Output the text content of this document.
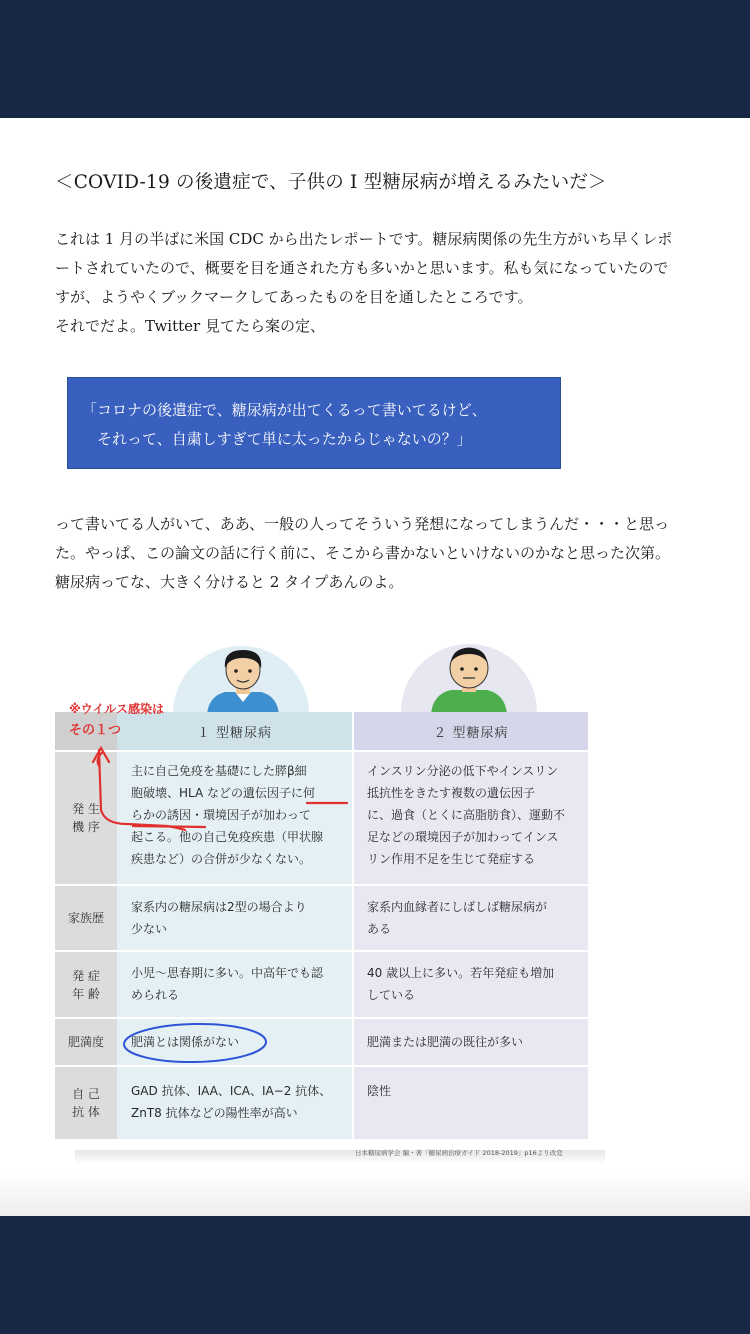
＜COVID-19 の後遺症で、子供の I 型糖尿病が増えるみたいだ＞

これは 1 月の半ばに米国 CDC から出たレポートです。糖尿病関係の先生方がいち早くレポ

ートされていたので、概要を目を通された方も多いかと思います。私も気になっていたので

すが、ようやくブックマークしてあったものを目を通したところです。

それでだよ。Twitter 見てたら案の定、

「コロナの後遺症で、糖尿病が出てくるって書いてるけど、

　それって、自粛しすぎて単に太ったからじゃないの？」

って書いてる人がいて、ああ、一般の人ってそういう発想になってしまうんだ・・・と思っ

た。やっぱ、この論文の話に行く前に、そこから書かないといけないのかなと思った次第。

糖尿病ってな、大きく分けると 2 タイプあんのよ。

１ 型糖尿病	２ 型糖尿病
発 生
機 序

主に自己免疫を基礎にした膵β細

胞破壊、HLA などの遺伝因子に何

らかの誘因・環境因子が加わって

起こる。他の自己免疫疾患（甲状腺

疾患など）の合併が少なくない。

インスリン分泌の低下やインスリン

抵抗性をきたす複数の遺伝因子

に、過食（とくに高脂肪食）、運動不

足などの環境因子が加わってインス

リン作用不足を生じて発症する

家族歴

家系内の糖尿病は2型の場合より

少ない

家系内血縁者にしばしば糖尿病が

ある

発 症
年 齢

小児～思春期に多い。中高年でも認

められる

40 歳以上に多い。若年発症も増加

している

肥満度 肥満とは関係がない	肥満または肥満の既往が多い

自 己
抗 体

GAD 抗体、IAA、ICA、IA−2 抗体、

ZnT8 抗体などの陽性率が高い

陰性

※ウイルス感染は
その１つ
日本糖尿病学会 編・著「糖尿病治療ガイド 2018-2019」p16より改変
